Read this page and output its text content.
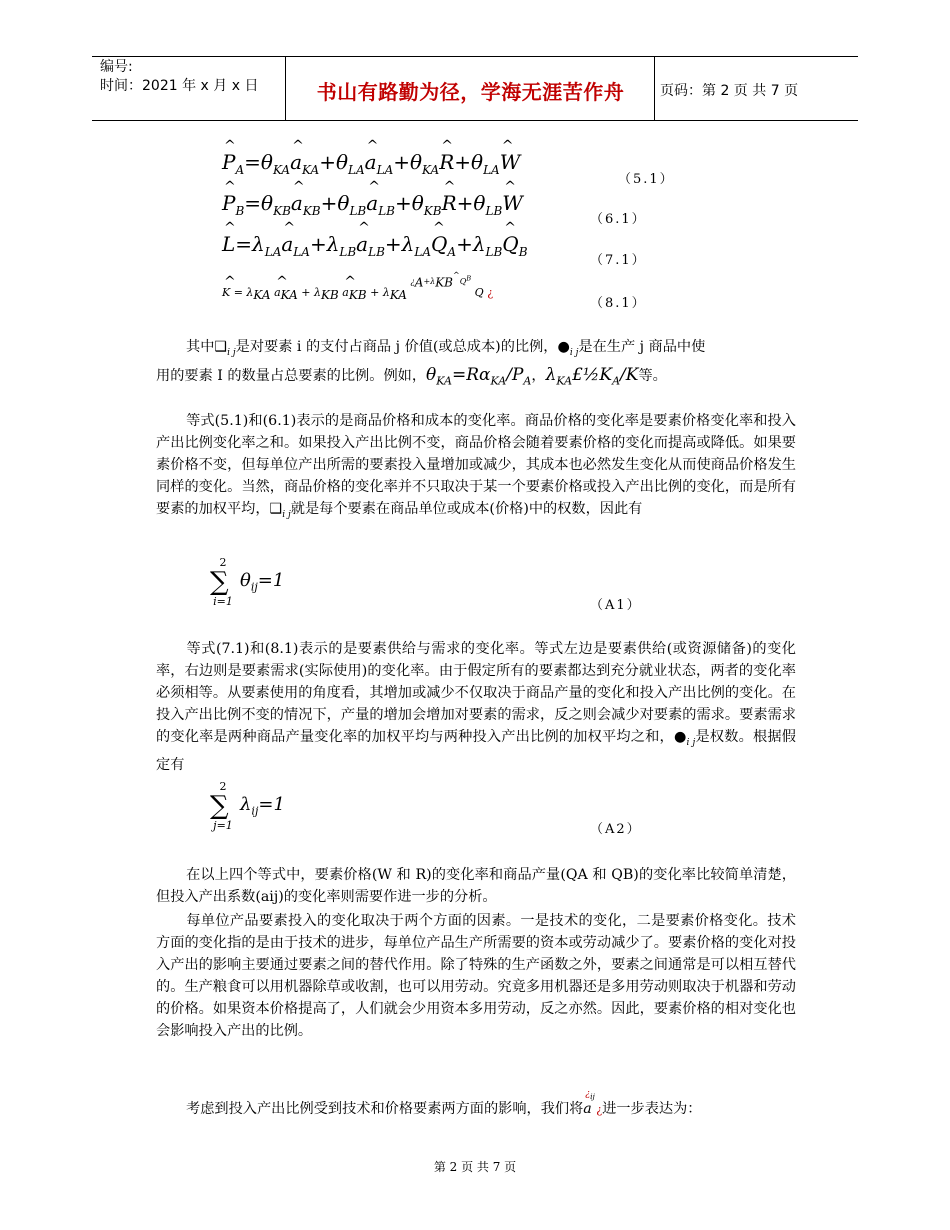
编号:
时间：2021 年 x 月 x 日	书山有路勤为径，学海无涯苦作舟	页码：第 2 页 共 7 页
^ $P_A=\theta_{KA}\^{}$ $a_{KA}+\theta_{LA}\^{}$ $a_{LA}+\theta_{KA}\^{}$ $R+\theta_{LA}\^{}$ W
（5.1）
^ $P_B=\theta_{KB}\^{}$ $a_{KB}+\theta_{LB}\^{}$ $a_{LB}+\theta_{KB}\^{}$ $R+\theta_{LB}\^{}$ W
（6.1）
^ $L=\lambda_{LA}\^{}$ $a_{LA}+\lambda_{LB}\^{}$ $a_{LB}+\lambda_{LA}\^{}$ $Q_A+\lambda_{LB}\^{}$ $Q_B$
（7.1）
^ $K = \lambda_{KA}$ ^ $a_{KA} + \lambda_{KB}$ ^ $a_{KB} + \lambda_{KA}$ $^{¿_A+\lambda_{KB}\^{}Q^B}$ Q ¿
（8.1）
其中$❑_{i j}$是对要素 i 的支付占商品 j 价值(或总成本)的比例，$●_{i j}$是在生产 j 商品中使
用的要素 I 的数量占总要素的比例。例如，$\theta_{KA}=R\alpha_{KA}/P_A$，$\lambda_{KA}£\frac{1}{2}K_A/K$等。
等式(5.1)和(6.1)表示的是商品价格和成本的变化率。商品价格的变化率是要素价格变化率和投入产出比例变化率之和。如果投入产出比例不变，商品价格会随着要素价格的变化而提高或降低。如果要素价格不变，但每单位产出所需的要素投入量增加或减少，其成本也必然发生变化从而使商品价格发生同样的变化。当然，商品价格的变化率并不只取决于某一个要素价格或投入产出比例的变化，而是所有要素的加权平均，$❑_{i j}$就是每个要素在商品单位或成本(价格)中的权数，因此有
2
∑ $\theta_{ij}=1$
i=1	（A1）
等式(7.1)和(8.1)表示的是要素供给与需求的变化率。等式左边是要素供给(或资源储备)的变化率，右边则是要素需求(实际使用)的变化率。由于假定所有的要素都达到充分就业状态，两者的变化率必须相等。从要素使用的角度看，其增加或减少不仅取决于商品产量的变化和投入产出比例的变化。在投入产出比例不变的情况下，产量的增加会增加对要素的需求，反之则会减少对要素的需求。要素需求的变化率是两种商品产量变化率的加权平均与两种投入产出比例的加权平均之和，$●_{i j}$是权数。根据假定有
2
∑ $\lambda_{ij}=1$
j=1	（A2）
在以上四个等式中，要素价格(W 和 R)的变化率和商品产量(QA 和 QB)的变化率比较简单清楚，但投入产出系数(aij)的变化率则需要作进一步的分析。
每单位产品要素投入的变化取决于两个方面的因素。一是技术的变化，二是要素价格变化。技术方面的变化指的是由于技术的进步，每单位产品生产所需要的资本或劳动减少了。要素价格的变化对投入产出的影响主要通过要素之间的替代作用。除了特殊的生产函数之外，要素之间通常是可以相互替代的。生产粮食可以用机器除草或收割，也可以用劳动。究竟多用机器还是多用劳动则取决于机器和劳动的价格。如果资本价格提高了，人们就会少用资本多用劳动，反之亦然。因此，要素价格的相对变化也会影响投入产出的比例。
考虑到投入产出比例受到技术和价格要素两方面的影响，我们将
¿$_{ij}$
a ¿进一步表达为：
第 2 页 共 7 页
